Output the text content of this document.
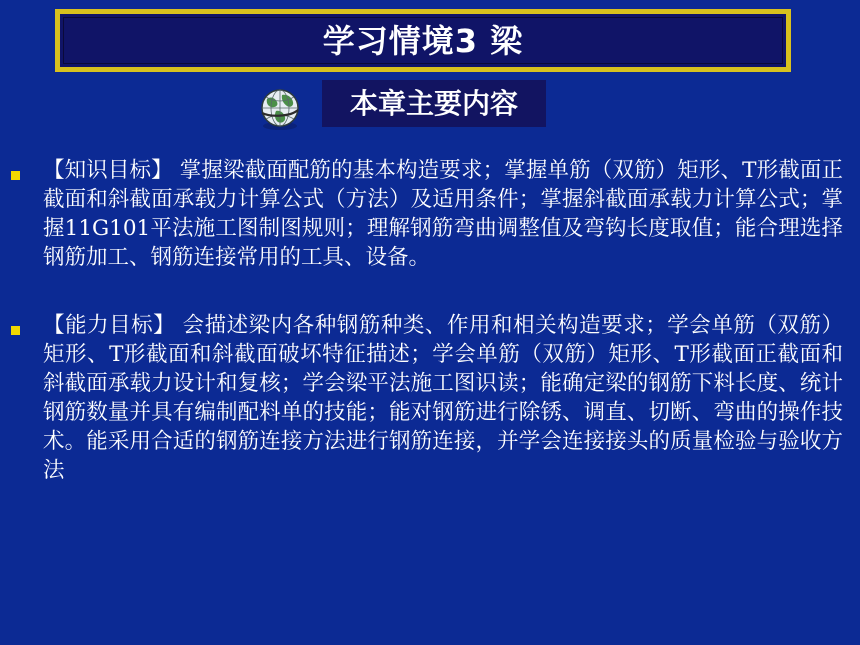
学习情境3 梁
本章主要内容
【知识目标】 掌握梁截面配筋的基本构造要求；掌握单筋（双筋）矩形、T形截面正截面和斜截面承载力计算公式（方法）及适用条件；掌握斜截面承载力计算公式；掌握11G101平法施工图制图规则；理解钢筋弯曲调整值及弯钩长度取值；能合理选择钢筋加工、钢筋连接常用的工具、设备。
【能力目标】 会描述梁内各种钢筋种类、作用和相关构造要求；学会单筋（双筋）矩形、T形截面和斜截面破坏特征描述；学会单筋（双筋）矩形、T形截面正截面和斜截面承载力设计和复核；学会梁平法施工图识读；能确定梁的钢筋下料长度、统计钢筋数量并具有编制配料单的技能；能对钢筋进行除锈、调直、切断、弯曲的操作技术。能采用合适的钢筋连接方法进行钢筋连接，并学会连接接头的质量检验与验收方法
